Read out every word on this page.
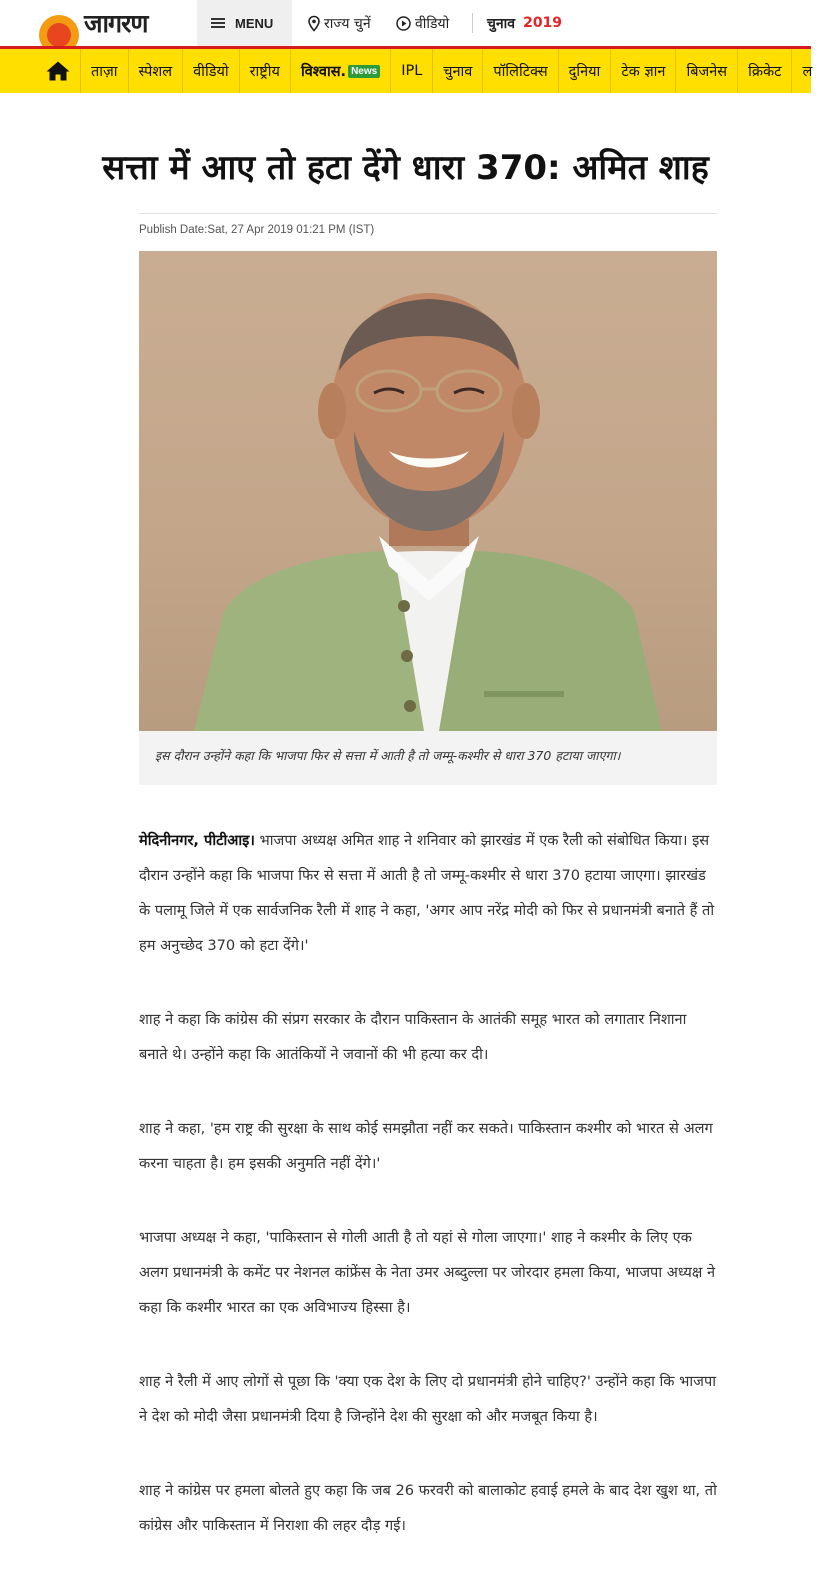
जागरण	MENU	राज्य चुनें	वीडियो	चुनाव 2019
ताज़ा स्पेशल वीडियो राष्ट्रीय विश्वास. News IPL चुनाव पॉलिटिक्स दुनिया टेक ज्ञान बिजनेस क्रिकेट ल
सत्ता में आए तो हटा देंगे धारा 370: अमित शाह
Publish Date:Sat, 27 Apr 2019 01:21 PM (IST)

इस दौरान उन्होंने कहा कि भाजपा फिर से सत्ता में आती है तो जम्मू-कश्मीर से धारा 370 हटाया जाएगा।

मेदिनीनगर, पीटीआइ। भाजपा अध्यक्ष अमित शाह ने शनिवार को झारखंड में एक रैली को संबोधित किया। इस दौरान उन्होंने कहा कि भाजपा फिर से सत्ता में आती है तो जम्मू-कश्मीर से धारा 370 हटाया जाएगा। झारखंड के पलामू जिले में एक सार्वजनिक रैली में शाह ने कहा, 'अगर आप नरेंद्र मोदी को फिर से प्रधानमंत्री बनाते हैं तो हम अनुच्छेद 370 को हटा देंगे।'

शाह ने कहा कि कांग्रेस की संप्रग सरकार के दौरान पाकिस्तान के आतंकी समूह भारत को लगातार निशाना बनाते थे। उन्होंने कहा कि आतंकियों ने जवानों की भी हत्या कर दी।

शाह ने कहा, 'हम राष्ट्र की सुरक्षा के साथ कोई समझौता नहीं कर सकते। पाकिस्तान कश्मीर को भारत से अलग करना चाहता है। हम इसकी अनुमति नहीं देंगे।'

भाजपा अध्यक्ष ने कहा, 'पाकिस्तान से गोली आती है तो यहां से गोला जाएगा।' शाह ने कश्मीर के लिए एक अलग प्रधानमंत्री के कमेंट पर नेशनल कांफ्रेंस के नेता उमर अब्दुल्ला पर जोरदार हमला किया, भाजपा अध्यक्ष ने कहा कि कश्मीर भारत का एक अविभाज्य हिस्सा है।

शाह ने रैली में आए लोगों से पूछा कि 'क्या एक देश के लिए दो प्रधानमंत्री होने चाहिए?' उन्होंने कहा कि भाजपा ने देश को मोदी जैसा प्रधानमंत्री दिया है जिन्होंने देश की सुरक्षा को और मजबूत किया है।

शाह ने कांग्रेस पर हमला बोलते हुए कहा कि जब 26 फरवरी को बालाकोट हवाई हमले के बाद देश खुश था, तो कांग्रेस और पाकिस्तान में निराशा की लहर दौड़ गई।
